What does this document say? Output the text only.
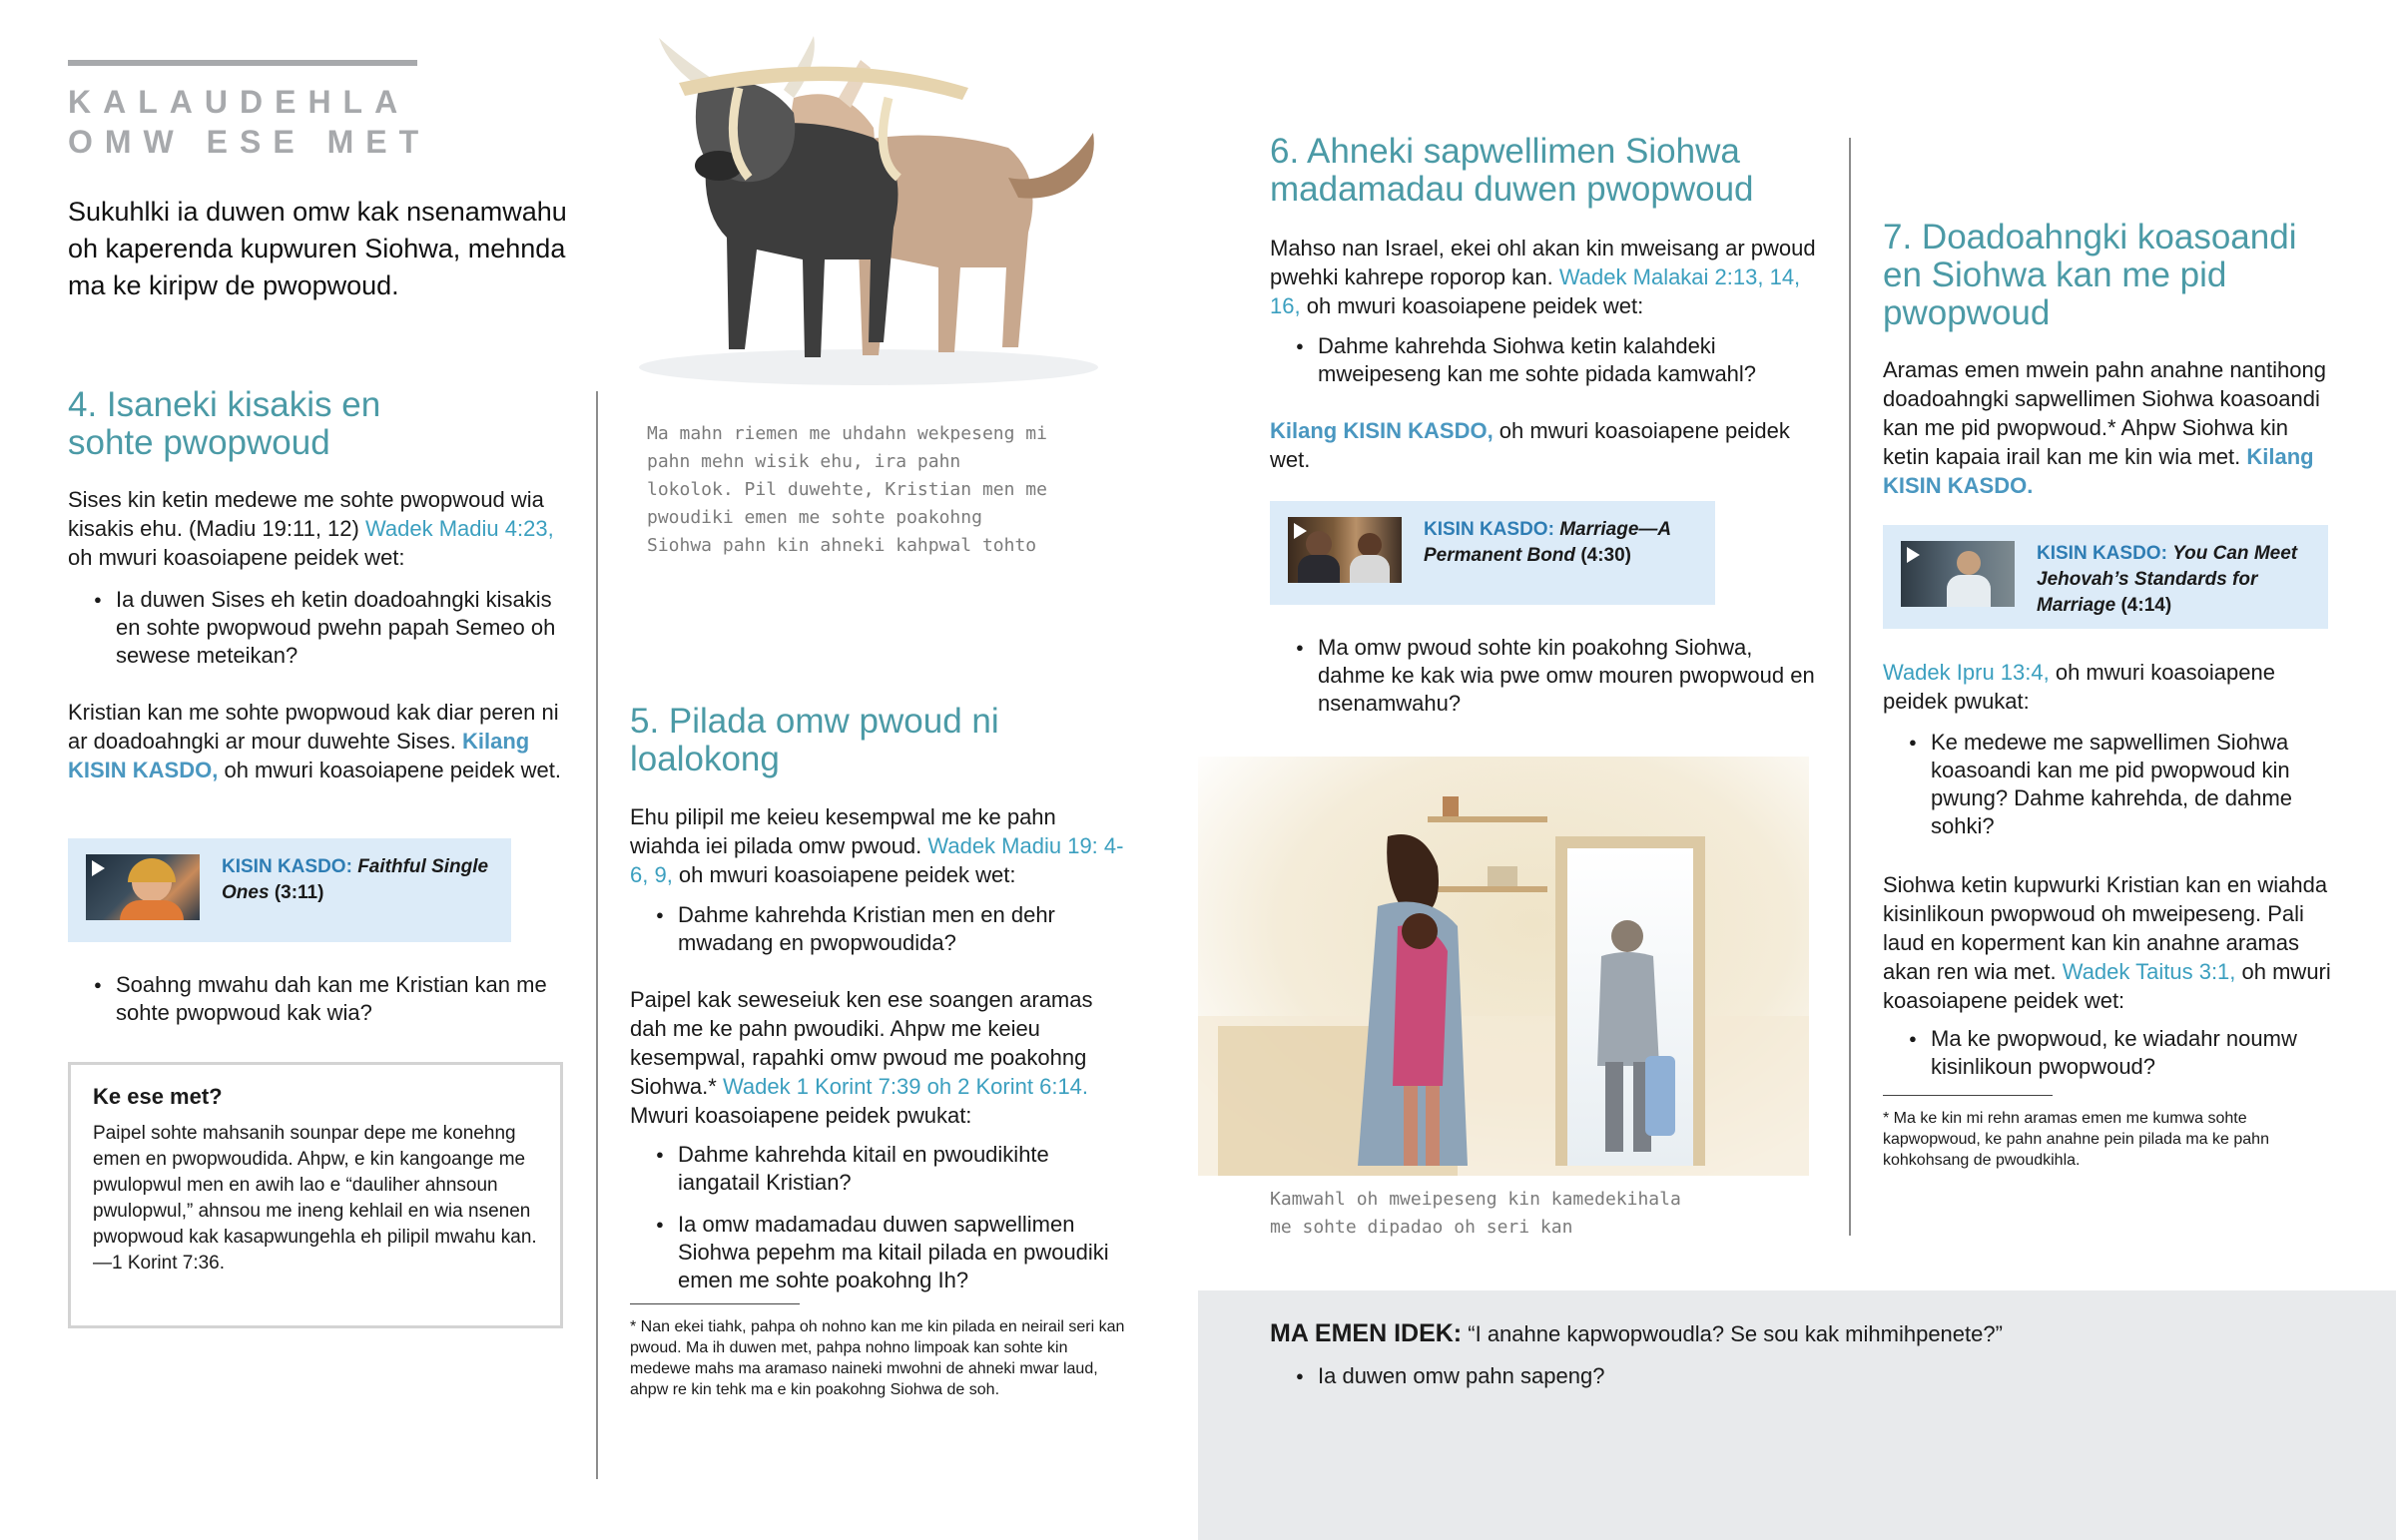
KALAUDEHLA
OMW ESE MET
Sukuhlki ia duwen omw kak nsenamwahu oh kaperenda kupwuren Siohwa, mehnda ma ke kiripw de pwopwoud.
4. Isaneki kisakis en sohte pwopwoud
Sises kin ketin medewe me sohte pwopwoud wia kisakis ehu. (Madiu 19:11, 12) Wadek Madiu 4:23, oh mwuri koasoiapene peidek wet:
● Ia duwen Sises eh ketin doadoahngki kisakis en sohte pwopwoud pwehn papah Semeo oh sewese meteikan?
Kristian kan me sohte pwopwoud kak diar peren ni ar doadoahngki ar mour duwehte Sises. Kilang KISIN KASDO, oh mwuri koasoiapene peidek wet.
KISIN KASDO: Faithful Single Ones (3:11)
● Soahng mwahu dah kan me Kristian kan me sohte pwopwoud kak wia?
Ke ese met?
Paipel sohte mahsanih sounpar depe me konehng emen en pwopwoudida. Ahpw, e kin kangoange me pwulopwul men en awih lao e “dauliher ahnsoun pwulopwul,” ahnsou me ineng kehlail en wia nsenen pwopwoud kak kasapwungehla eh pilipil mwahu kan.
—1 Korint 7:36.
Ma mahn riemen me uhdahn wekpeseng mi pahn mehn wisik ehu, ira pahn lokolok. Pil duwehte, Kristian men me pwoudiki emen me sohte poakohng Siohwa pahn kin ahneki kahpwal tohto
5. Pilada omw pwoud ni loalokong
Ehu pilipil me keieu kesempwal me ke pahn wiahda iei pilada omw pwoud. Wadek Madiu 19: 4-6, 9, oh mwuri koasoiapene peidek wet:
● Dahme kahrehda Kristian men en dehr mwadang en pwopwoudida?
Paipel kak seweseiuk ken ese soangen aramas dah me ke pahn pwoudiki. Ahpw me keieu kesempwal, rapahki omw pwoud me poakohng Siohwa.* Wadek 1 Korint 7:39 oh 2 Korint 6:14. Mwuri koasoiapene peidek pwukat:
● Dahme kahrehda kitail en pwoudikihte iangatail Kristian?
● Ia omw madamadau duwen sapwellimen Siohwa pepehm ma kitail pilada en pwoudiki emen me sohte poakohng Ih?
* Nan ekei tiahk, pahpa oh nohno kan me kin pilada en neirail seri kan pwoud. Ma ih duwen met, pahpa nohno limpoak kan sohte kin medewe mahs ma aramaso naineki mwohni de ahneki mwar laud, ahpw re kin tehk ma e kin poakohng Siohwa de soh.
6. Ahneki sapwellimen Siohwa madamadau duwen pwopwoud
Mahso nan Israel, ekei ohl akan kin mweisang ar pwoud pwehki kahrepe roporop kan. Wadek Malakai 2:13, 14, 16, oh mwuri koasoiapene peidek wet:
● Dahme kahrehda Siohwa ketin kalahdeki mweipeseng kan me sohte pidada kamwahl?
Kilang KISIN KASDO, oh mwuri koasoiapene peidek wet.
KISIN KASDO: Marriage—A Permanent Bond (4:30)
● Ma omw pwoud sohte kin poakohng Siohwa, dahme ke kak wia pwe omw mouren pwopwoud en nsenamwahu?
Kamwahl oh mweipeseng kin kamedekihala me sohte dipadao oh seri kan
7. Doadoahngki koasoandi en Siohwa kan me pid pwopwoud
Aramas emen mwein pahn anahne nantihong doadoahngki sapwellimen Siohwa koasoandi kan me pid pwopwoud.* Ahpw Siohwa kin ketin kapaia irail kan me kin wia met. Kilang KISIN KASDO.
KISIN KASDO: You Can Meet Jehovah’s Standards for Marriage (4:14)
Wadek Ipru 13:4, oh mwuri koasoiapene peidek pwukat:
● Ke medewe me sapwellimen Siohwa koasoandi kan me pid pwopwoud kin pwung? Dahme kahrehda, de dahme sohki?
Siohwa ketin kupwurki Kristian kan en wiahda kisinlikoun pwopwoud oh mweipeseng. Pali laud en koperment kan kin anahne aramas akan ren wia met. Wadek Taitus 3:1, oh mwuri koasoiapene peidek wet:
● Ma ke pwopwoud, ke wiadahr noumw kisinlikoun pwopwoud?
* Ma ke kin mi rehn aramas emen me kumwa sohte kapwopwoud, ke pahn anahne pein pilada ma ke pahn kohkohsang de pwoudkihla.
MA EMEN IDEK: “I anahne kapwopwoudla? Se sou kak mihmihpenete?”
● Ia duwen omw pahn sapeng?
